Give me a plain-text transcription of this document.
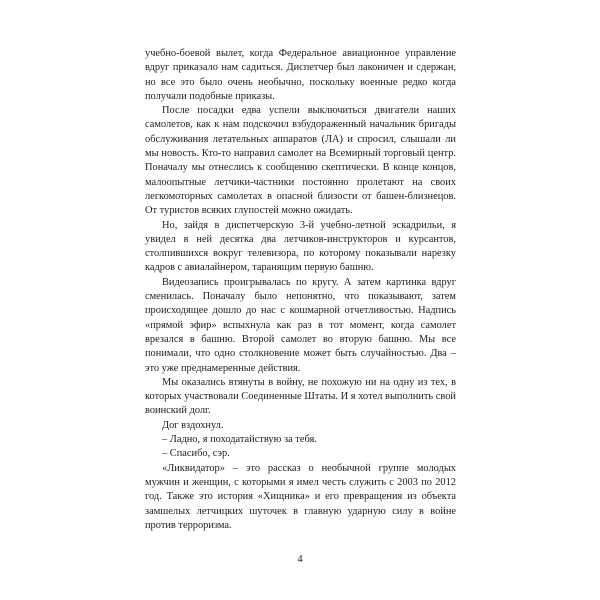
учебно-боевой вылет, когда Федеральное авиационное управление вдруг приказало нам садиться. Диспетчер был лаконичен и сдержан, но все это было очень необычно, поскольку военные редко когда получали подобные приказы.

После посадки едва успели выключиться двигатели наших самолетов, как к нам подскочил взбудораженный начальник бригады обслуживания летательных аппаратов (ЛА) и спросил, слышали ли мы новость. Кто-то направил самолет на Всемирный торговый центр. Поначалу мы отнеслись к сообщению скептически. В конце концов, малоопытные летчики-частники постоянно пролетают на своих легкомоторных самолетах в опасной близости от башен-близнецов. От туристов всяких глупостей можно ожидать.

Но, зайдя в диспетчерскую 3-й учебно-летной эскадрильи, я увидел в ней десятка два летчиков-инструкторов и курсантов, столпившихся вокруг телевизора, по которому показывали нарезку кадров с авиалайнером, таранящим первую башню.

Видеозапись проигрывалась по кругу. А затем картинка вдруг сменилась. Поначалу было непонятно, что показывают, затем происходящее дошло до нас с кошмарной отчетливостью. Надпись «прямой эфир» вспыхнула как раз в тот момент, когда самолет врезался в башню. Второй самолет во вторую башню. Мы все понимали, что одно столкновение может быть случайностью. Два – это уже преднамеренные действия.

Мы оказались втянуты в войну, не похожую ни на одну из тех, в которых участвовали Соединенные Штаты. И я хотел выполнить свой воинский долг.

Дог вздохнул.

– Ладно, я походатайствую за тебя.

– Спасибо, сэр.

«Ликвидатор» – это рассказ о необычной группе молодых мужчин и женщин, с которыми я имел честь служить с 2003 по 2012 год. Также это история «Хищника» и его превращения из объекта замшелых летчицких шуточек в главную ударную силу в войне против терроризма.

4
